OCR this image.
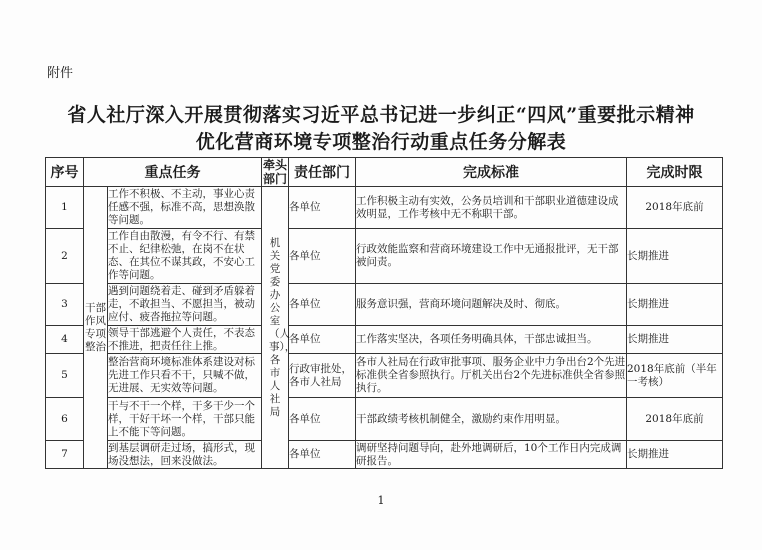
附件
省人社厅深入开展贯彻落实习近平总书记进一步纠正“四风”重要批示精神
优化营商环境专项整治行动重点任务分解表
序号	重点任务		牵头部门	责任部门	完成标准	完成时限
1	干部作风专项整治	工作不积极、不主动，事业心责任感不强，标准不高，思想涣散等问题。	机关党委办公室（人事），各市人社局	各单位	工作积极主动有实效，公务员培训和干部职业道德建设成效明显，工作考核中无不称职干部。	2018年底前
2		工作自由散漫，有令不行、有禁不止、纪律松弛，在岗不在状态、在其位不谋其政，不安心工作等问题。		各单位	行政效能监察和营商环境建设工作中无通报批评，无干部被问责。	长期推进
3		遇到问题绕着走、碰到矛盾躲着走，不敢担当、不愿担当，被动应付、疲沓拖拉等问题。		各单位	服务意识强，营商环境问题解决及时、彻底。	长期推进
4		领导干部逃避个人责任，不表态不推进，把责任往上推。		各单位	工作落实坚决，各项任务明确具体，干部忠诚担当。	长期推进
5		整治营商环境标准体系建设对标先进工作只看不干，只喊不做，无进展、无实效等问题。		行政审批处，各市人社局	各市人社局在行政审批事项、服务企业中力争出台2个先进标准供全省参照执行。厅机关出台2个先进标准供全省参照执行。	2018年底前（半年一考核）
6		干与不干一个样，干多干少一个样，干好干坏一个样，干部只能上不能下等问题。		各单位	干部政绩考核机制健全，激励约束作用明显。	2018年底前
7		到基层调研走过场，搞形式，现场没想法，回来没做法。		各单位	调研坚持问题导向，赴外地调研后，10个工作日内完成调研报告。	长期推进
1
